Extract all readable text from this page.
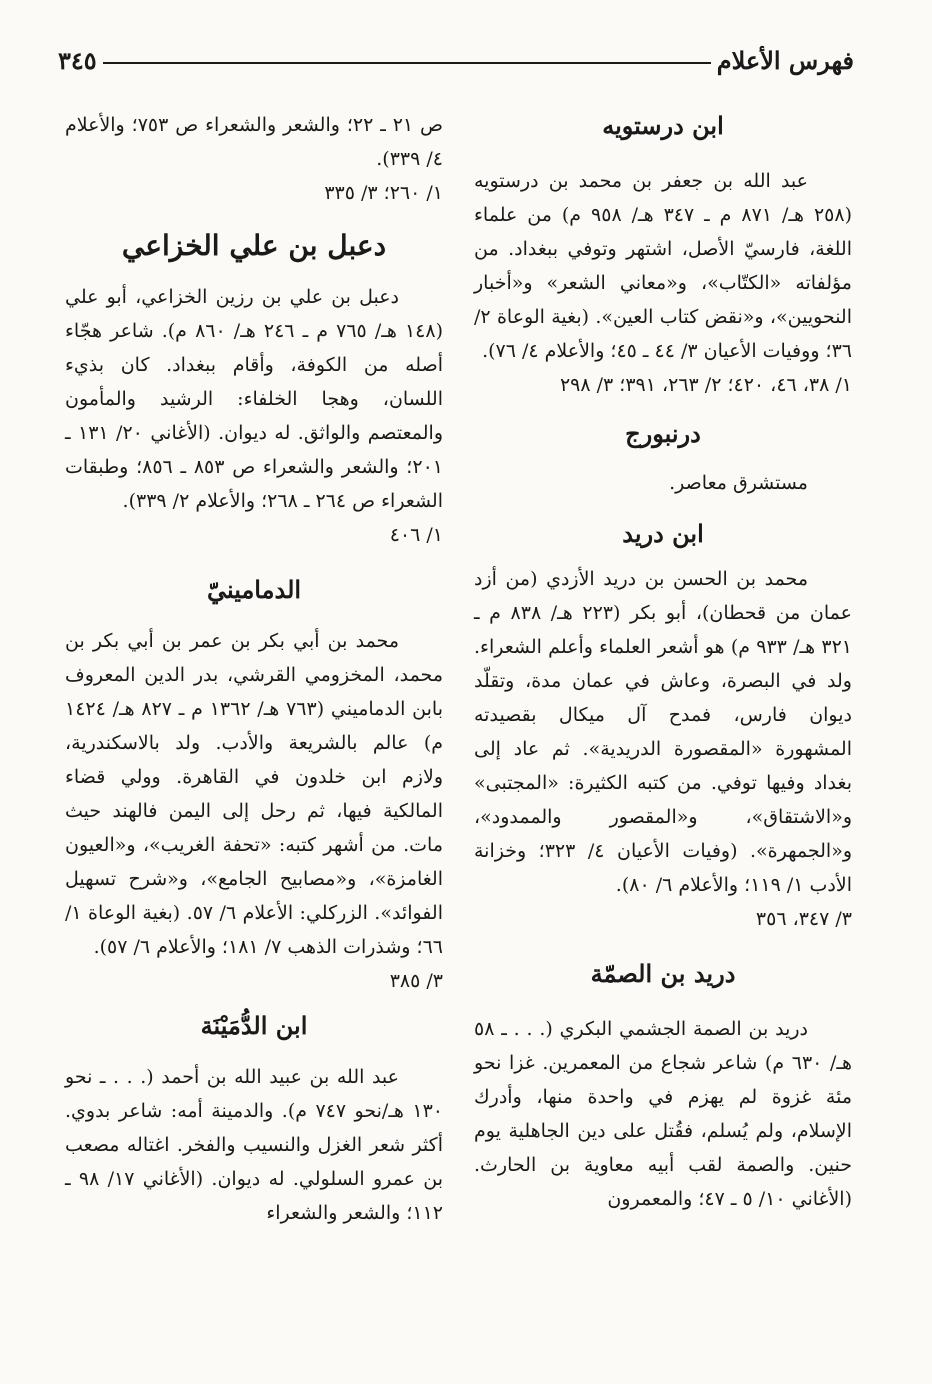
فهرس الأعلام
٣٤٥
ابن درستويه

عبد الله بن جعفر بن محمد بن درستويه (٢٥٨ هـ/ ٨٧١ م ـ ٣٤٧ هـ/ ٩٥٨ م) من علماء اللغة، فارسيّ الأصل، اشتهر وتوفي ببغداد. من مؤلفاته «الكتّاب»، و«معاني الشعر» و«أخبار النحويين»، و«نقض كتاب العين». (بغية الوعاة ٢/ ٣٦؛ ووفيات الأعيان ٣/ ٤٤ ـ ٤٥؛ والأعلام ٤/ ٧٦).

١/ ٣٨، ٤٦، ٤٢٠؛ ٢/ ٢٦٣، ٣٩١؛ ٣/ ٢٩٨

درنبورج

مستشرق معاصر.

ابن دريد

محمد بن الحسن بن دريد الأزدي (من أزد عمان من قحطان)، أبو بكر (٢٢٣ هـ/ ٨٣٨ م ـ ٣٢١ هـ/ ٩٣٣ م) هو أشعر العلماء وأعلم الشعراء. ولد في البصرة، وعاش في عمان مدة، وتقلّد ديوان فارس، فمدح آل ميكال بقصيدته المشهورة «المقصورة الدريدية». ثم عاد إلى بغداد وفيها توفي. من كتبه الكثيرة: «المجتبى» و«الاشتقاق»، و«المقصور والممدود»، و«الجمهرة». (وفيات الأعيان ٤/ ٣٢٣؛ وخزانة الأدب ١/ ١١٩؛ والأعلام ٦/ ٨٠).

٣/ ٣٤٧، ٣٥٦

دريد بن الصمّة

دريد بن الصمة الجشمي البكري (. . . ـ ٥٨ هـ/ ٦٣٠ م) شاعر شجاع من المعمرين. غزا نحو مئة غزوة لم يهزم في واحدة منها، وأدرك الإسلام، ولم يُسلم، فقُتل على دين الجاهلية يوم حنين. والصمة لقب أبيه معاوية بن الحارث. (الأغاني ١٠/ ٥ ـ ٤٧؛ والمعمرون

ص ٢١ ـ ٢٢؛ والشعر والشعراء ص ٧٥٣؛ والأعلام ٤/ ٣٣٩).

١/ ٢٦٠؛ ٣/ ٣٣٥

دعبل بن علي الخزاعي

دعبل بن علي بن رزين الخزاعي، أبو علي (١٤٨ هـ/ ٧٦٥ م ـ ٢٤٦ هـ/ ٨٦٠ م). شاعر هجّاء أصله من الكوفة، وأقام ببغداد. كان بذيء اللسان، وهجا الخلفاء: الرشيد والمأمون والمعتصم والواثق. له ديوان. (الأغاني ٢٠/ ١٣١ ـ ٢٠١؛ والشعر والشعراء ص ٨٥٣ ـ ٨٥٦؛ وطبقات الشعراء ص ٢٦٤ ـ ٢٦٨؛ والأعلام ٢/ ٣٣٩).

١/ ٤٠٦

الدمامينيّ

محمد بن أبي بكر بن عمر بن أبي بكر بن محمد، المخزومي القرشي، بدر الدين المعروف بابن الدماميني (٧٦٣ هـ/ ١٣٦٢ م ـ ٨٢٧ هـ/ ١٤٢٤ م) عالم بالشريعة والأدب. ولد بالاسكندرية، ولازم ابن خلدون في القاهرة. وولي قضاء المالكية فيها، ثم رحل إلى اليمن فالهند حيث مات. من أشهر كتبه: «تحفة الغريب»، و«العيون الغامزة»، و«مصابيح الجامع»، و«شرح تسهيل الفوائد». الزركلي: الأعلام ٦/ ٥٧. (بغية الوعاة ١/ ٦٦؛ وشذرات الذهب ٧/ ١٨١؛ والأعلام ٦/ ٥٧).

٣/ ٣٨٥

ابن الدُّمَيْنَة

عبد الله بن عبيد الله بن أحمد (. . . ـ نحو ١٣٠ هـ/نحو ٧٤٧ م). والدمينة أمه: شاعر بدوي. أكثر شعر الغزل والنسيب والفخر. اغتاله مصعب بن عمرو السلولي. له ديوان. (الأغاني ١٧/ ٩٨ ـ ١١٢؛ والشعر والشعراء
